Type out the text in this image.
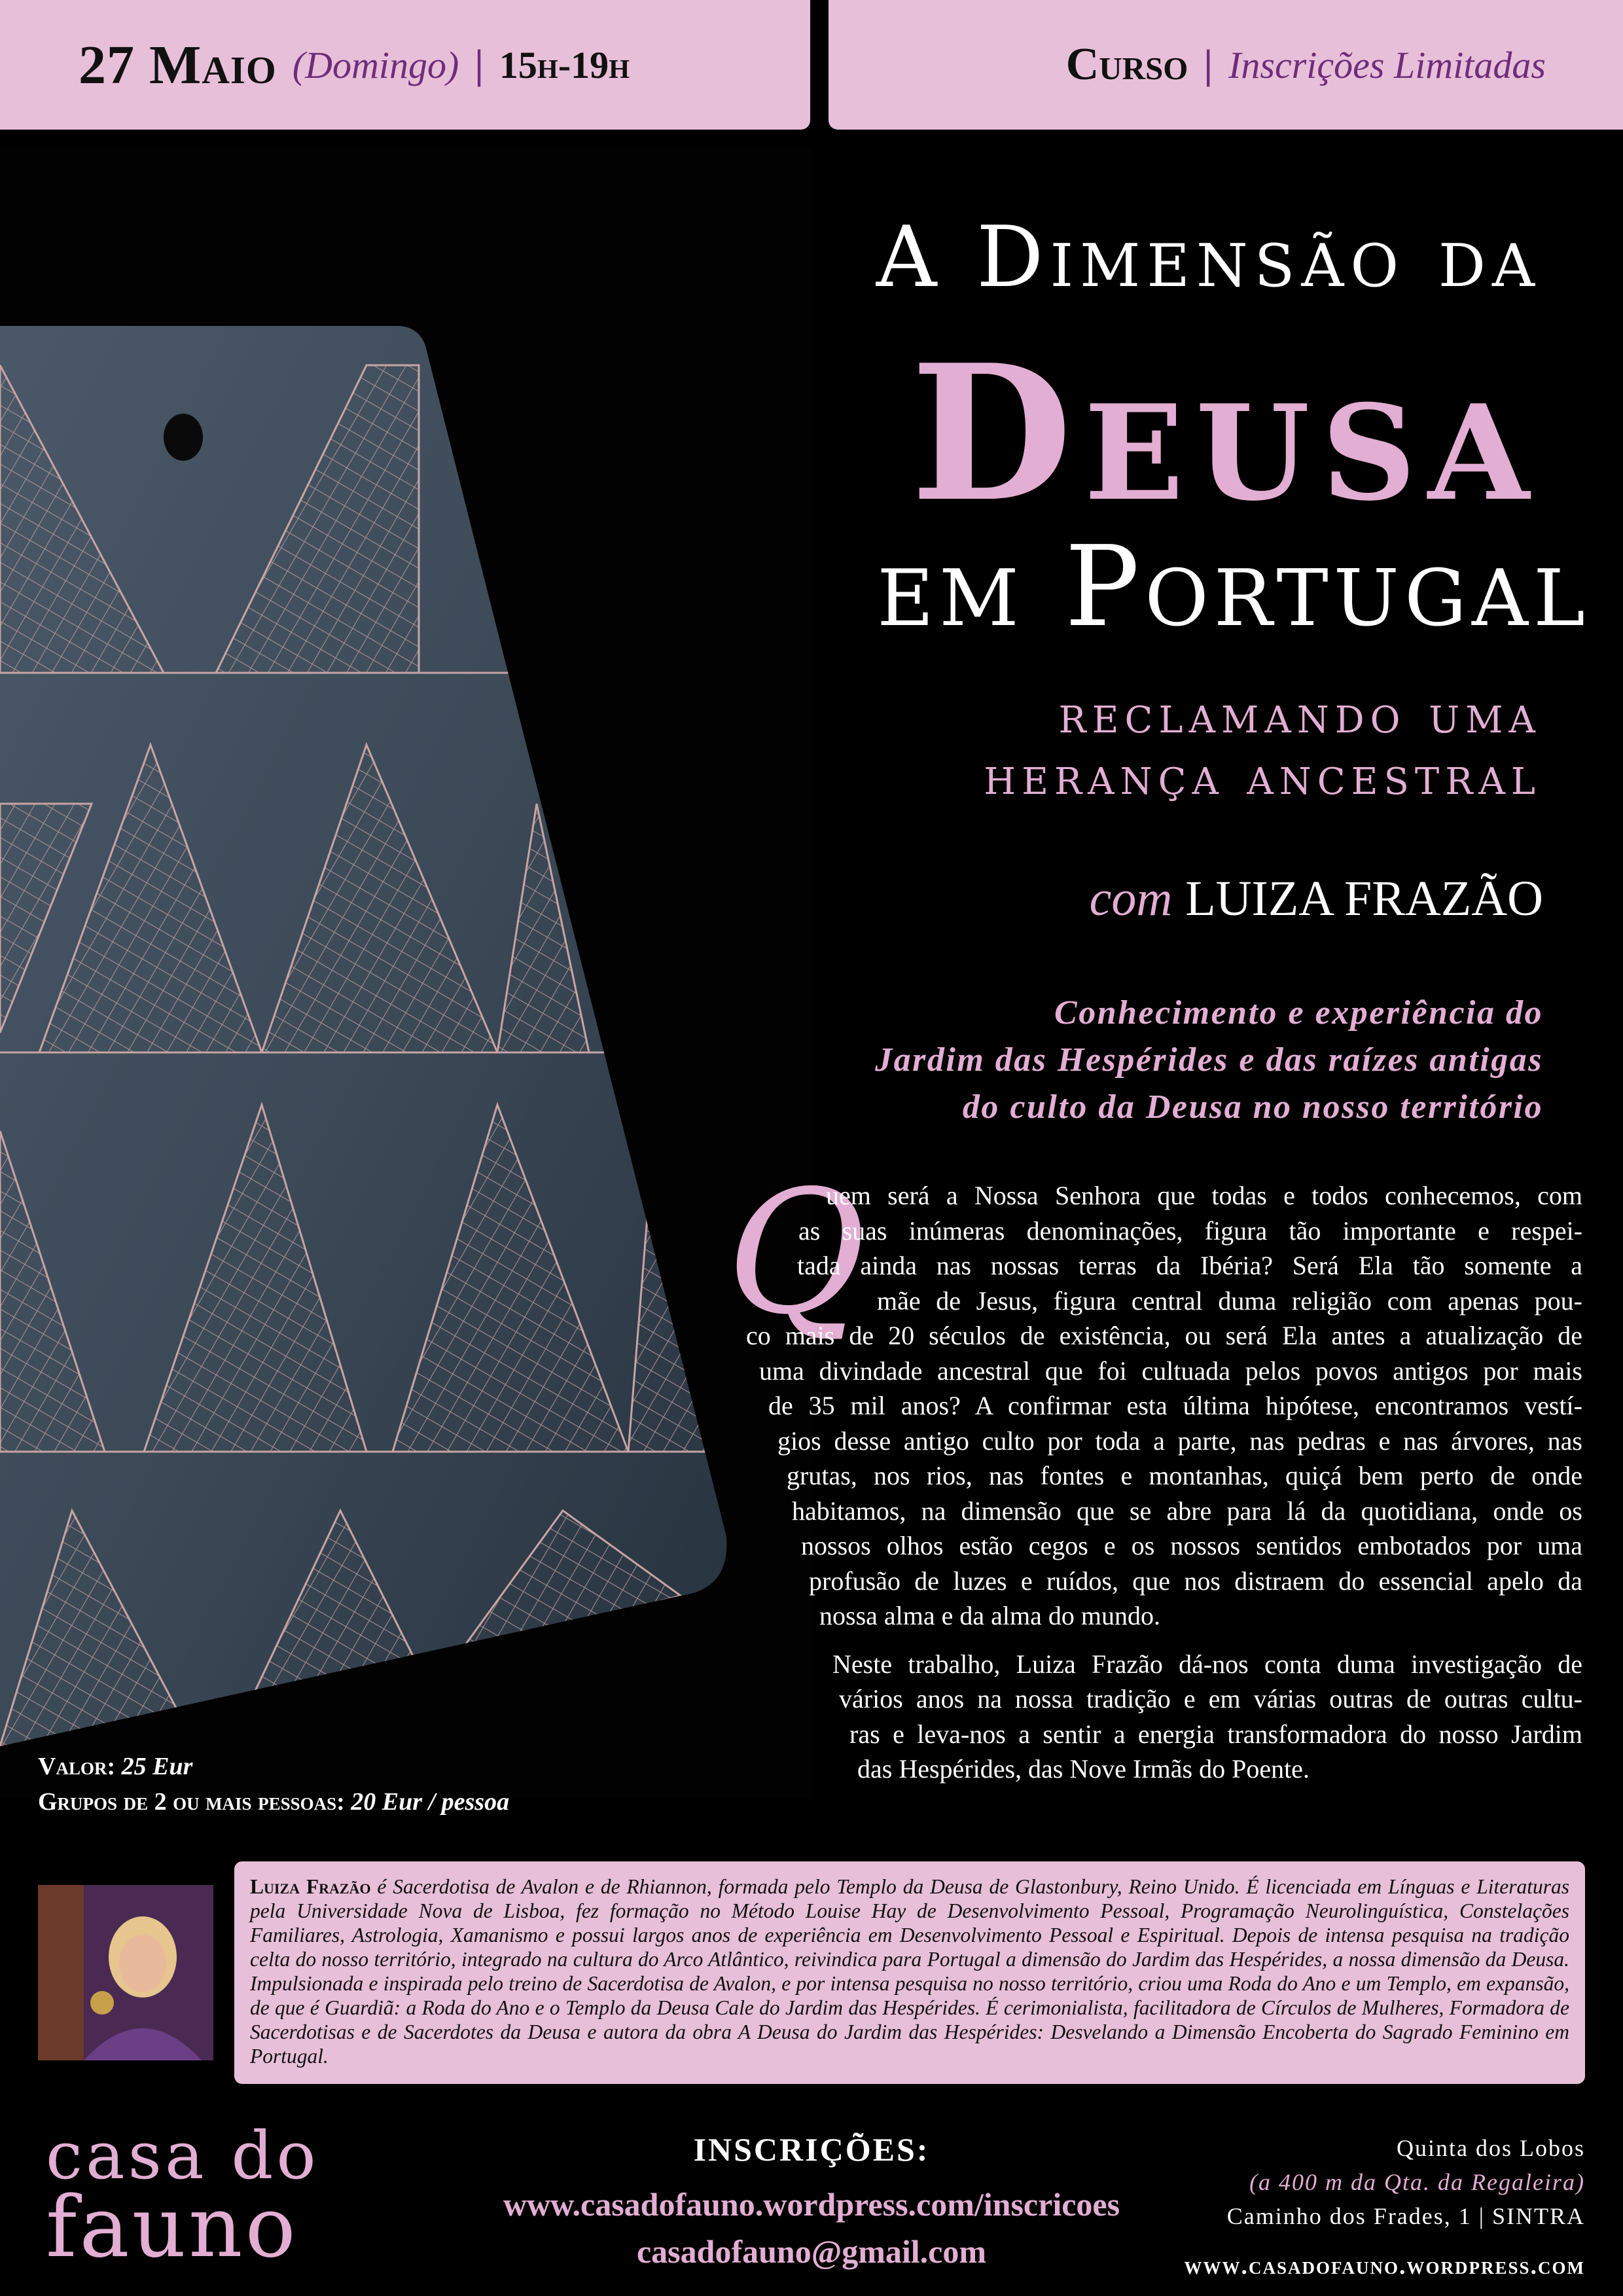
27 Maio (Domingo) | 15h-19h	Curso | Inscrições Limitadas
A Dimensão da
Deusa
em Portugal
reclamando uma
herança ancestral
com LUIZA FRAZÃO
Conhecimento e experiência do
Jardim das Hespérides e das raízes antigas
do culto da Deusa no nosso território
Q
uem será a Nossa Senhora que todas e todos conhecemos, com
as suas inúmeras denominações, figura tão importante e respei-
tada ainda nas nossas terras da Ibéria? Será Ela tão somente a
mãe de Jesus, figura central duma religião com apenas pou-
co mais de 20 séculos de existência, ou será Ela antes a atualização de
uma divindade ancestral que foi cultuada pelos povos antigos por mais
de 35 mil anos? A confirmar esta última hipótese, encontramos vestí-
gios desse antigo culto por toda a parte, nas pedras e nas árvores, nas
grutas, nos rios, nas fontes e montanhas, quiçá bem perto de onde
habitamos, na dimensão que se abre para lá da quotidiana, onde os
nossos olhos estão cegos e os nossos sentidos embotados por uma
profusão de luzes e ruídos, que nos distraem do essencial apelo da
nossa alma e da alma do mundo.
Neste trabalho, Luiza Frazão dá-nos conta duma investigação de
vários anos na nossa tradição e em várias outras de outras cultu-
ras e leva-nos a sentir a energia transformadora do nosso Jardim
das Hespérides, das Nove Irmãs do Poente.
Valor: 25 Eur
Grupos de 2 ou mais pessoas: 20 Eur / pessoa
Luiza Frazão é Sacerdotisa de Avalon e de Rhiannon, formada pelo Templo da Deusa de Glastonbury, Reino Unido. É licenciada em Línguas e Literaturas pela Universidade Nova de Lisboa, fez formação no Método Louise Hay de Desenvolvimento Pessoal, Programação Neurolinguística, Constelações Familiares, Astrologia, Xamanismo e possui largos anos de experiência em Desenvolvimento Pessoal e Espiritual. Depois de intensa pesquisa na tradição celta do nosso território, integrado na cultura do Arco Atlântico, reivindica para Portugal a dimensão do Jardim das Hespérides, a nossa dimensão da Deusa. Impulsionada e inspirada pelo treino de Sacerdotisa de Avalon, e por intensa pesquisa no nosso território, criou uma Roda do Ano e um Templo, em expansão, de que é Guardiã: a Roda do Ano e o Templo da Deusa Cale do Jardim das Hespérides. É cerimonialista, facilitadora de Círculos de Mulheres, Formadora de Sacerdotisas e de Sacerdotes da Deusa e autora da obra A Deusa do Jardim das Hespérides: Desvelando a Dimensão Encoberta do Sagrado Feminino em Portugal.
casa do
fauno
INSCRIÇÕES:
www.casadofauno.wordpress.com/inscricoes
casadofauno@gmail.com
Quinta dos Lobos
(a 400 m da Qta. da Regaleira)
Caminho dos Frades, 1 | SINTRA
www.casadofauno.wordpress.com
